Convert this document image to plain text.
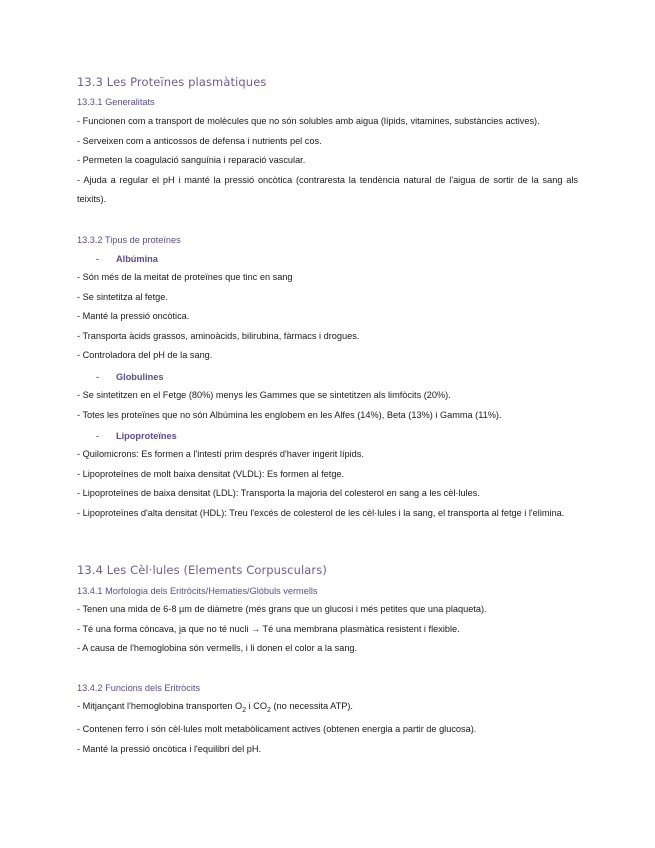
13.3 Les Proteïnes plasmàtiques
13.3.1 Generalitats

- Funcionen com a transport de molècules que no són solubles amb aigua (lípids, vitamines, substàncies actives).

- Serveixen com a anticossos de defensa i nutrients pel cos.

- Permeten la coagulació sanguínia i reparació vascular.

- Ajuda a regular el pH i manté la pressió oncòtica (contraresta la tendència natural de l'aigua de sortir de la sang als teixits).

13.3.2 Tipus de proteïnes
- Albúmina

- Són més de la meitat de proteïnes que tinc en sang

- Se sintetitza al fetge.

- Manté la pressió oncòtica.

- Transporta àcids grassos, aminoàcids, bilirubina, fàrmacs i drogues.

- Controladora del pH de la sang.

- Globulines

- Se sintetitzen en el Fetge (80%) menys les Gammes que se sintetitzen als limfòcits (20%).

- Totes les proteïnes que no són Albúmina les englobem en les Alfes (14%), Beta (13%) i Gamma (11%).

- Lipoproteïnes

- Quilomicrons: Es formen a l'intestí prim després d'haver ingerit lípids.

- Lipoproteïnes de molt baixa densitat (VLDL): Es formen al fetge.

- Lipoproteïnes de baixa densitat (LDL): Transporta la majoria del colesterol en sang a les cèl·lules.

- Lipoproteïnes d'alta densitat (HDL): Treu l'excés de colesterol de les cèl·lules i la sang, el transporta al fetge i l'elimina.

13.4 Les Cèl·lules (Elements Corpusculars)
13.4.1 Morfologia dels Eritròcits/Hematies/Glòbuls vermells

- Tenen una mida de 6-8 µm de diàmetre (més grans que un glucosi i més petites que una plaqueta).

- Té una forma còncava, ja que no té nucli → Té una membrana plasmàtica resistent i flexible.

- A causa de l'hemoglobina són vermells, i li donen el color a la sang.

13.4.2 Funcions dels Eritròcits

- Mitjançant l'hemoglobina transporten $O_2$ i $CO_2$ (no necessita ATP).

- Contenen ferro i són cèl·lules molt metabòlicament actives (obtenen energia a partir de glucosa).

- Manté la pressió oncòtica i l'equilibri del pH.
